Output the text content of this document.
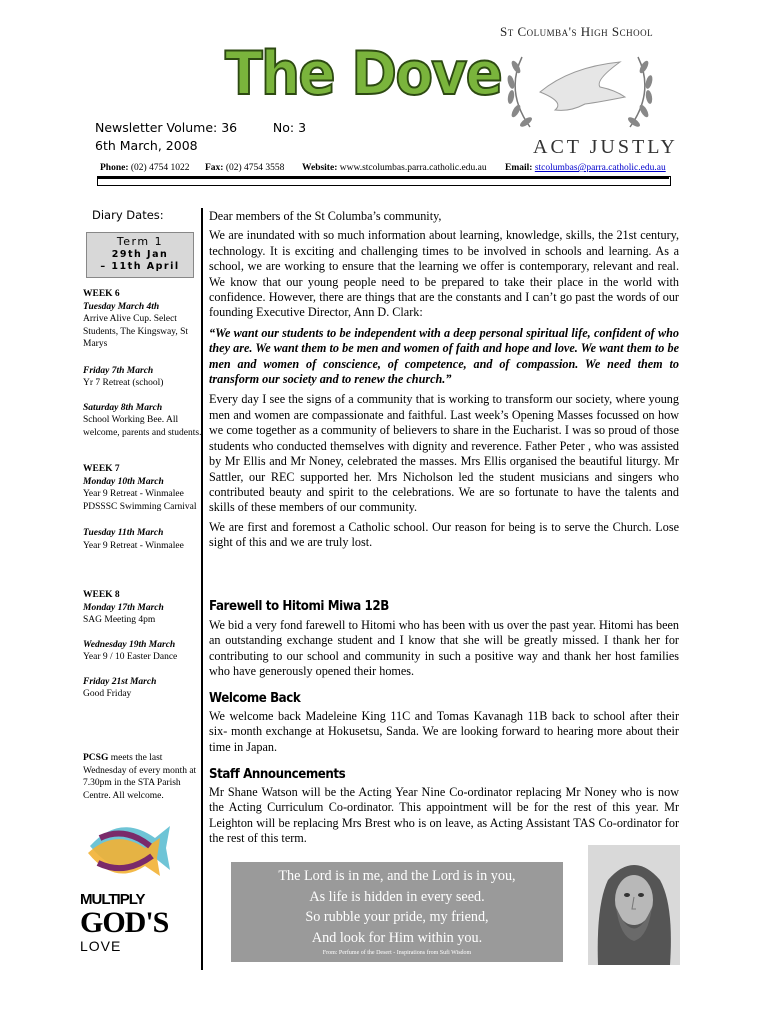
St Columba's High School
The Dove
ACT JUSTLY
Newsletter Volume: 36         No: 3
6th March, 2008
Phone: (02) 4754 1022	Fax: (02) 4754 3558	Website: www.stcolumbas.parra.catholic.edu.au	Email: stcolumbas@parra.catholic.edu.au
Diary Dates:
Term 1
29th Jan
– 11th April
WEEK 6
Tuesday March 4th
Arrive Alive Cup. Select Students, The Kingsway, St Marys
Friday 7th March
Yr 7 Retreat (school)
Saturday 8th March
School Working Bee. All welcome, parents and students.
WEEK 7
Monday 10th March
Year 9 Retreat - Winmalee PDSSSC Swimming Carnival
Tuesday 11th March
Year 9 Retreat - Winmalee
WEEK 8
Monday 17th March
SAG Meeting 4pm
Wednesday 19th March
Year 9 / 10 Easter Dance
Friday 21st March
Good Friday
PCSG meets the last Wednesday of every month at 7.30pm in the STA Parish Centre. All welcome.
MULTIPLY
GOD'S
LOVE

Dear members of the St Columba’s community,

We are inundated with so much information about learning, knowledge, skills, the 21st century, technology. It is exciting and challenging times to be involved in schools and learning. As a school, we are working to ensure that the learning we offer is contemporary, relevant and real. We know that our young people need to be prepared to take their place in the world with confidence. However, there are things that are the constants and I can’t go past the words of our founding Executive Director, Ann D. Clark:

“We want our students to be independent with a deep personal spiritual life, confident of who they are. We want them to be men and women of faith and hope and love. We want them to be men and women of conscience, of competence, and of compassion. We need them to transform our society and to renew the church.”

Every day I see the signs of a community that is working to transform our society, where young men and women are compassionate and faithful. Last week’s Opening Masses focussed on how we come together as a community of believers to share in the Eucharist. I was so proud of those students who conducted themselves with dignity and reverence. Father Peter , who was assisted by Mr Ellis and Mr Noney, celebrated the masses. Mrs Ellis organised the beautiful liturgy. Mr Sattler, our REC supported her. Mrs Nicholson led the student musicians and singers who contributed beauty and spirit to the celebrations. We are so fortunate to have the talents and skills of these members of our community.

We are first and foremost a Catholic school. Our reason for being is to serve the Church. Lose sight of this and we are truly lost.

Farewell to Hitomi Miwa 12B
We bid a very fond farewell to Hitomi who has been with us over the past year. Hitomi has been an outstanding exchange student and I know that she will be greatly missed. I thank her for contributing to our school and community in such a positive way and thank her host families who have generously opened their homes.
Welcome Back
We welcome back Madeleine King 11C and Tomas Kavanagh 11B back to school after their six- month exchange at Hokusetsu, Sanda. We are looking forward to hearing more about their time in Japan.
Staff Announcements
Mr Shane Watson will be the Acting Year Nine Co-ordinator replacing Mr Noney who is now the Acting Curriculum Co-ordinator. This appointment will be for the rest of this year. Mr Leighton will be replacing Mrs Brest who is on leave, as Acting Assistant TAS Co-ordinator for the rest of this term.
The Lord is in me, and the Lord is in you,
As life is hidden in every seed.
So rubble your pride, my friend,
And look for Him within you.
From: Perfume of the Desert - Inspirations from Sufi Wisdom
